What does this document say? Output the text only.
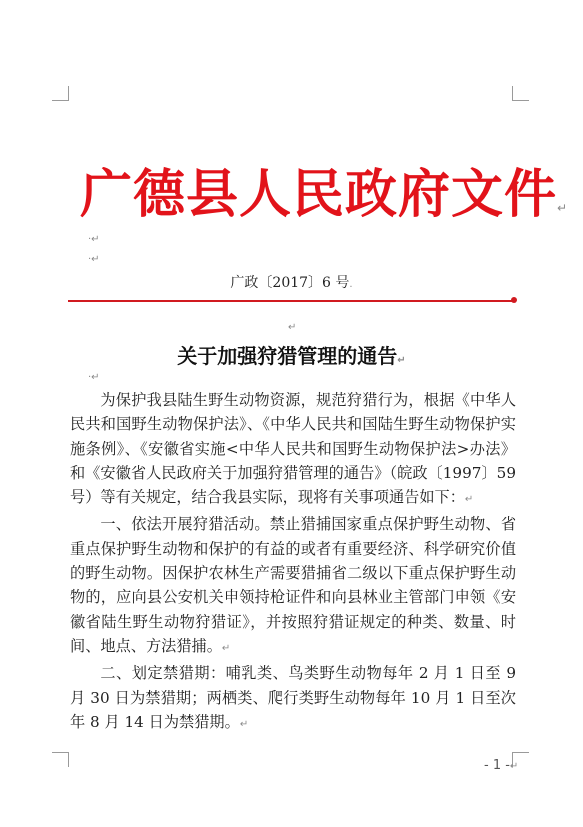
广德县人民政府文件↵
·↵
·↵
广政〔2017〕6 号.
↵
关于加强狩猎管理的通告↵
·↵

为保护我县陆生野生动物资源，规范狩猎行为，根据《中华人民共和国野生动物保护法》、《中华人民共和国陆生野生动物保护实施条例》、《安徽省实施<中华人民共和国野生动物保护法>办法》和《安徽省人民政府关于加强狩猎管理的通告》（皖政〔1997〕59 号）等有关规定，结合我县实际，现将有关事项通告如下：↵

一、依法开展狩猎活动。禁止猎捕国家重点保护野生动物、省重点保护野生动物和保护的有益的或者有重要经济、科学研究价值的野生动物。因保护农林生产需要猎捕省二级以下重点保护野生动物的，应向县公安机关申领持枪证件和向县林业主管部门申领《安徽省陆生野生动物狩猎证》，并按照狩猎证规定的种类、数量、时间、地点、方法猎捕。↵

二、划定禁猎期：哺乳类、鸟类野生动物每年 2 月 1 日至 9 月 30 日为禁猎期；两栖类、爬行类野生动物每年 10 月 1 日至次年 8 月 14 日为禁猎期。↵

- 1 -↵
